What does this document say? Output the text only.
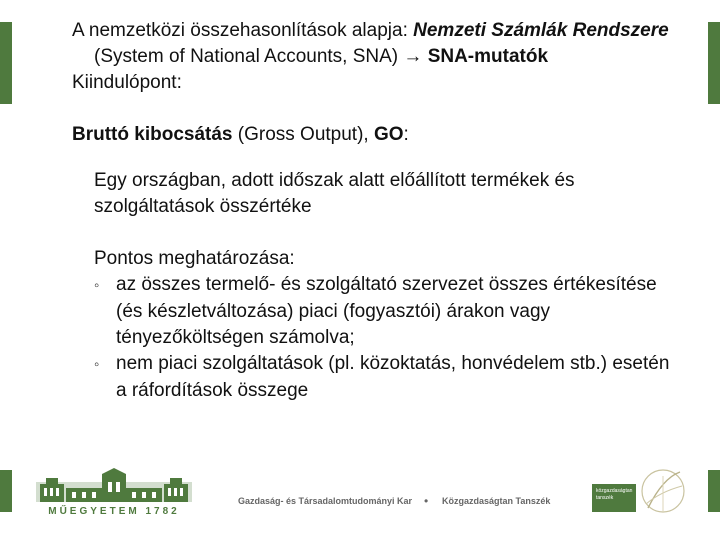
A nemzetközi összehasonlítások alapja: Nemzeti Számlák Rendszere (System of National Accounts, SNA) → SNA-mutatók

Kiindulópont:

Bruttó kibocsátás (Gross Output), GO:

Egy országban, adott időszak alatt előállított termékek és szolgáltatások összértéke

Pontos meghatározása:

◦ az összes termelő- és szolgáltató szervezet összes értékesítése (és készletváltozása) piaci (fogyasztói) árakon vagy tényezőköltségen számolva;

◦ nem piaci szolgáltatások (pl. közoktatás, honvédelem stb.) esetén a ráfordítások összege

MŰEGYETEM 1782
Gazdaság- és Társadalomtudományi Kar • Közgazdaságtan Tanszék
közgazdaságtan
tanszék
